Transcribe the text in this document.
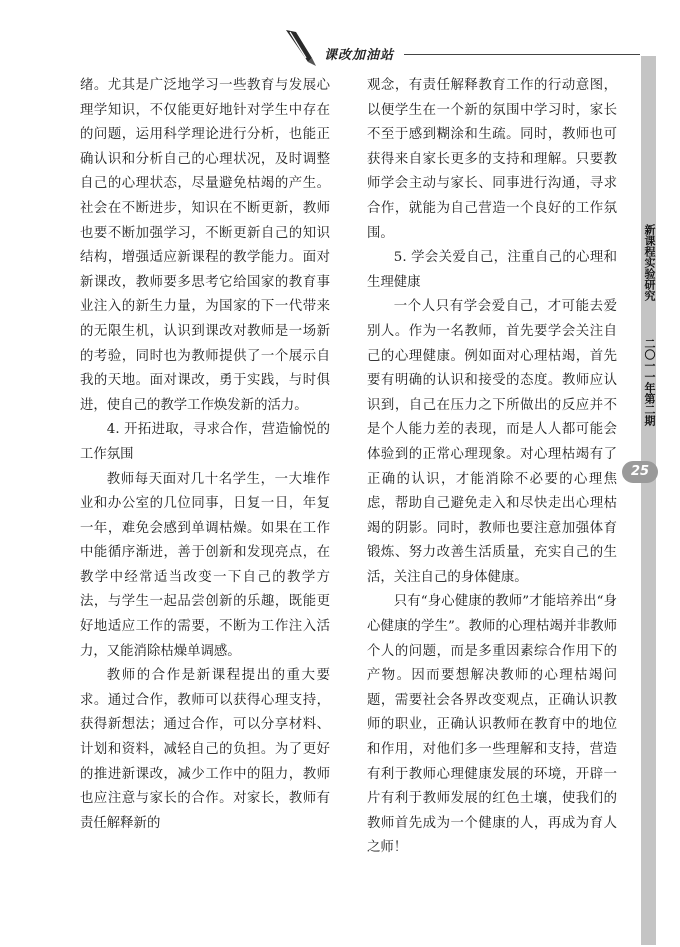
课改加油站

绪。尤其是广泛地学习一些教育与发展心理学知识，不仅能更好地针对学生中存在的问题，运用科学理论进行分析，也能正确认识和分析自己的心理状况，及时调整自己的心理状态，尽量避免枯竭的产生。社会在不断进步，知识在不断更新，教师也要不断加强学习，不断更新自己的知识结构，增强适应新课程的教学能力。面对新课改，教师要多思考它给国家的教育事业注入的新生力量，为国家的下一代带来的无限生机，认识到课改对教师是一场新的考验，同时也为教师提供了一个展示自我的天地。面对课改，勇于实践，与时俱进，使自己的教学工作焕发新的活力。

4. 开拓进取，寻求合作，营造愉悦的工作氛围

教师每天面对几十名学生，一大堆作业和办公室的几位同事，日复一日，年复一年，难免会感到单调枯燥。如果在工作中能循序渐进，善于创新和发现亮点，在教学中经常适当改变一下自己的教学方法，与学生一起品尝创新的乐趣，既能更好地适应工作的需要，不断为工作注入活力，又能消除枯燥单调感。

教师的合作是新课程提出的重大要求。通过合作，教师可以获得心理支持，获得新想法；通过合作，可以分享材料、计划和资料，减轻自己的负担。为了更好的推进新课改，减少工作中的阻力，教师也应注意与家长的合作。对家长，教师有责任解释新的

观念，有责任解释教育工作的行动意图，以便学生在一个新的氛围中学习时，家长不至于感到糊涂和生疏。同时，教师也可获得来自家长更多的支持和理解。只要教师学会主动与家长、同事进行沟通，寻求合作，就能为自己营造一个良好的工作氛围。

5. 学会关爱自己，注重自己的心理和生理健康

一个人只有学会爱自己，才可能去爱别人。作为一名教师，首先要学会关注自己的心理健康。例如面对心理枯竭，首先要有明确的认识和接受的态度。教师应认识到，自己在压力之下所做出的反应并不是个人能力差的表现，而是人人都可能会体验到的正常心理现象。对心理枯竭有了正确的认识，才能消除不必要的心理焦虑，帮助自己避免走入和尽快走出心理枯竭的阴影。同时，教师也要注意加强体育锻炼、努力改善生活质量，充实自己的生活，关注自己的身体健康。

只有“身心健康的教师”才能培养出“身心健康的学生”。教师的心理枯竭并非教师个人的问题，而是多重因素综合作用下的产物。因而要想解决教师的心理枯竭问题，需要社会各界改变观点，正确认识教师的职业，正确认识教师在教育中的地位和作用，对他们多一些理解和支持，营造有利于教师心理健康发展的环境，开辟一片有利于教师发展的红色土壤，使我们的教师首先成为一个健康的人，再成为育人之师！

新课程实验研究
二〇一一年第二期
25
